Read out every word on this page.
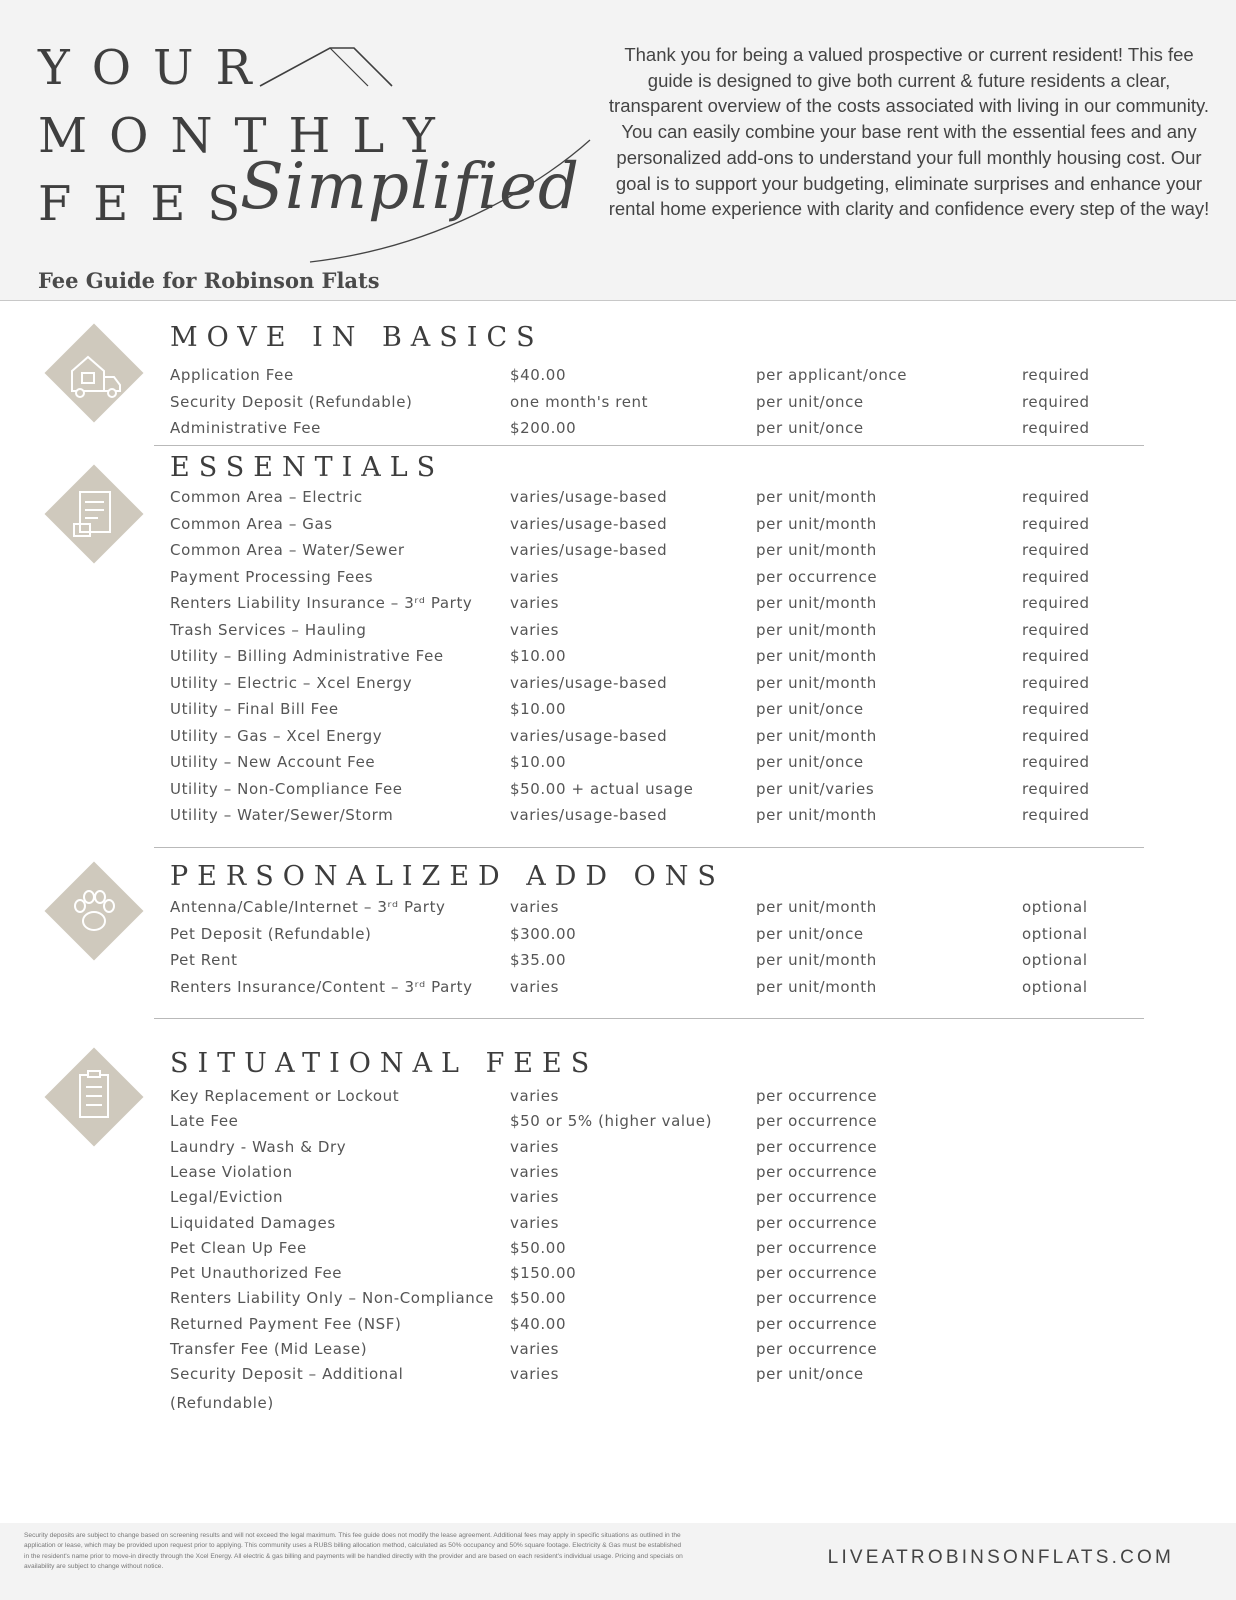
YOUR
MONTHLY
FEES
Simplified
Fee Guide for Robinson Flats
Thank you for being a valued prospective or current resident! This fee guide is designed to give both current & future residents a clear, transparent overview of the costs associated with living in our community. You can easily combine your base rent with the essential fees and any personalized add-ons to understand your full monthly housing cost. Our goal is to support your budgeting, eliminate surprises and enhance your rental home experience with clarity and confidence every step of the way!
MOVE IN BASICS
Application Fee	$40.00	per applicant/once	required
Security Deposit (Refundable)	one month's rent	per unit/once	required
Administrative Fee	$200.00	per unit/once	required
ESSENTIALS
Common Area – Electric	varies/usage-based	per unit/month	required
Common Area – Gas	varies/usage-based	per unit/month	required
Common Area – Water/Sewer	varies/usage-based	per unit/month	required
Payment Processing Fees	varies	per occurrence	required
Renters Liability Insurance – 3ʳᵈ Party	varies	per unit/month	required
Trash Services – Hauling	varies	per unit/month	required
Utility – Billing Administrative Fee	$10.00	per unit/month	required
Utility – Electric – Xcel Energy	varies/usage-based	per unit/month	required
Utility – Final Bill Fee	$10.00	per unit/once	required
Utility – Gas – Xcel Energy	varies/usage-based	per unit/month	required
Utility – New Account Fee	$10.00	per unit/once	required
Utility – Non-Compliance Fee	$50.00 + actual usage	per unit/varies	required
Utility – Water/Sewer/Storm	varies/usage-based	per unit/month	required
PERSONALIZED ADD ONS
Antenna/Cable/Internet – 3ʳᵈ Party	varies	per unit/month	optional
Pet Deposit (Refundable)	$300.00	per unit/once	optional
Pet Rent	$35.00	per unit/month	optional
Renters Insurance/Content – 3ʳᵈ Party varies	per unit/month	optional
SITUATIONAL FEES
Key Replacement or Lockout	varies	per occurrence
Late Fee	$50 or 5% (higher value)	per occurrence
Laundry - Wash & Dry	varies	per occurrence
Lease Violation	varies	per occurrence
Legal/Eviction	varies	per occurrence
Liquidated Damages	varies	per occurrence
Pet Clean Up Fee	$50.00	per occurrence
Pet Unauthorized Fee	$150.00	per occurrence
Renters Liability Only – Non-Compliance $50.00	per occurrence
Returned Payment Fee (NSF)	$40.00	per occurrence
Transfer Fee (Mid Lease)	varies	per occurrence
Security Deposit – Additional	varies	per unit/once
(Refundable)
Security deposits are subject to change based on screening results and will not exceed the legal maximum. This fee guide does not modify the lease agreement. Additional fees may apply in specific situations as outlined in the application or lease, which may be provided upon request prior to applying. This community uses a RUBS billing allocation method, calculated as 50% occupancy and 50% square footage. Electricity & Gas must be established in the resident's name prior to move-in directly through the Xcel Energy. All electric & gas billing and payments will be handled directly with the provider and are based on each resident's individual usage. Pricing and specials on availability are subject to change without notice.	LIVEATROBINSONFLATS.COM
